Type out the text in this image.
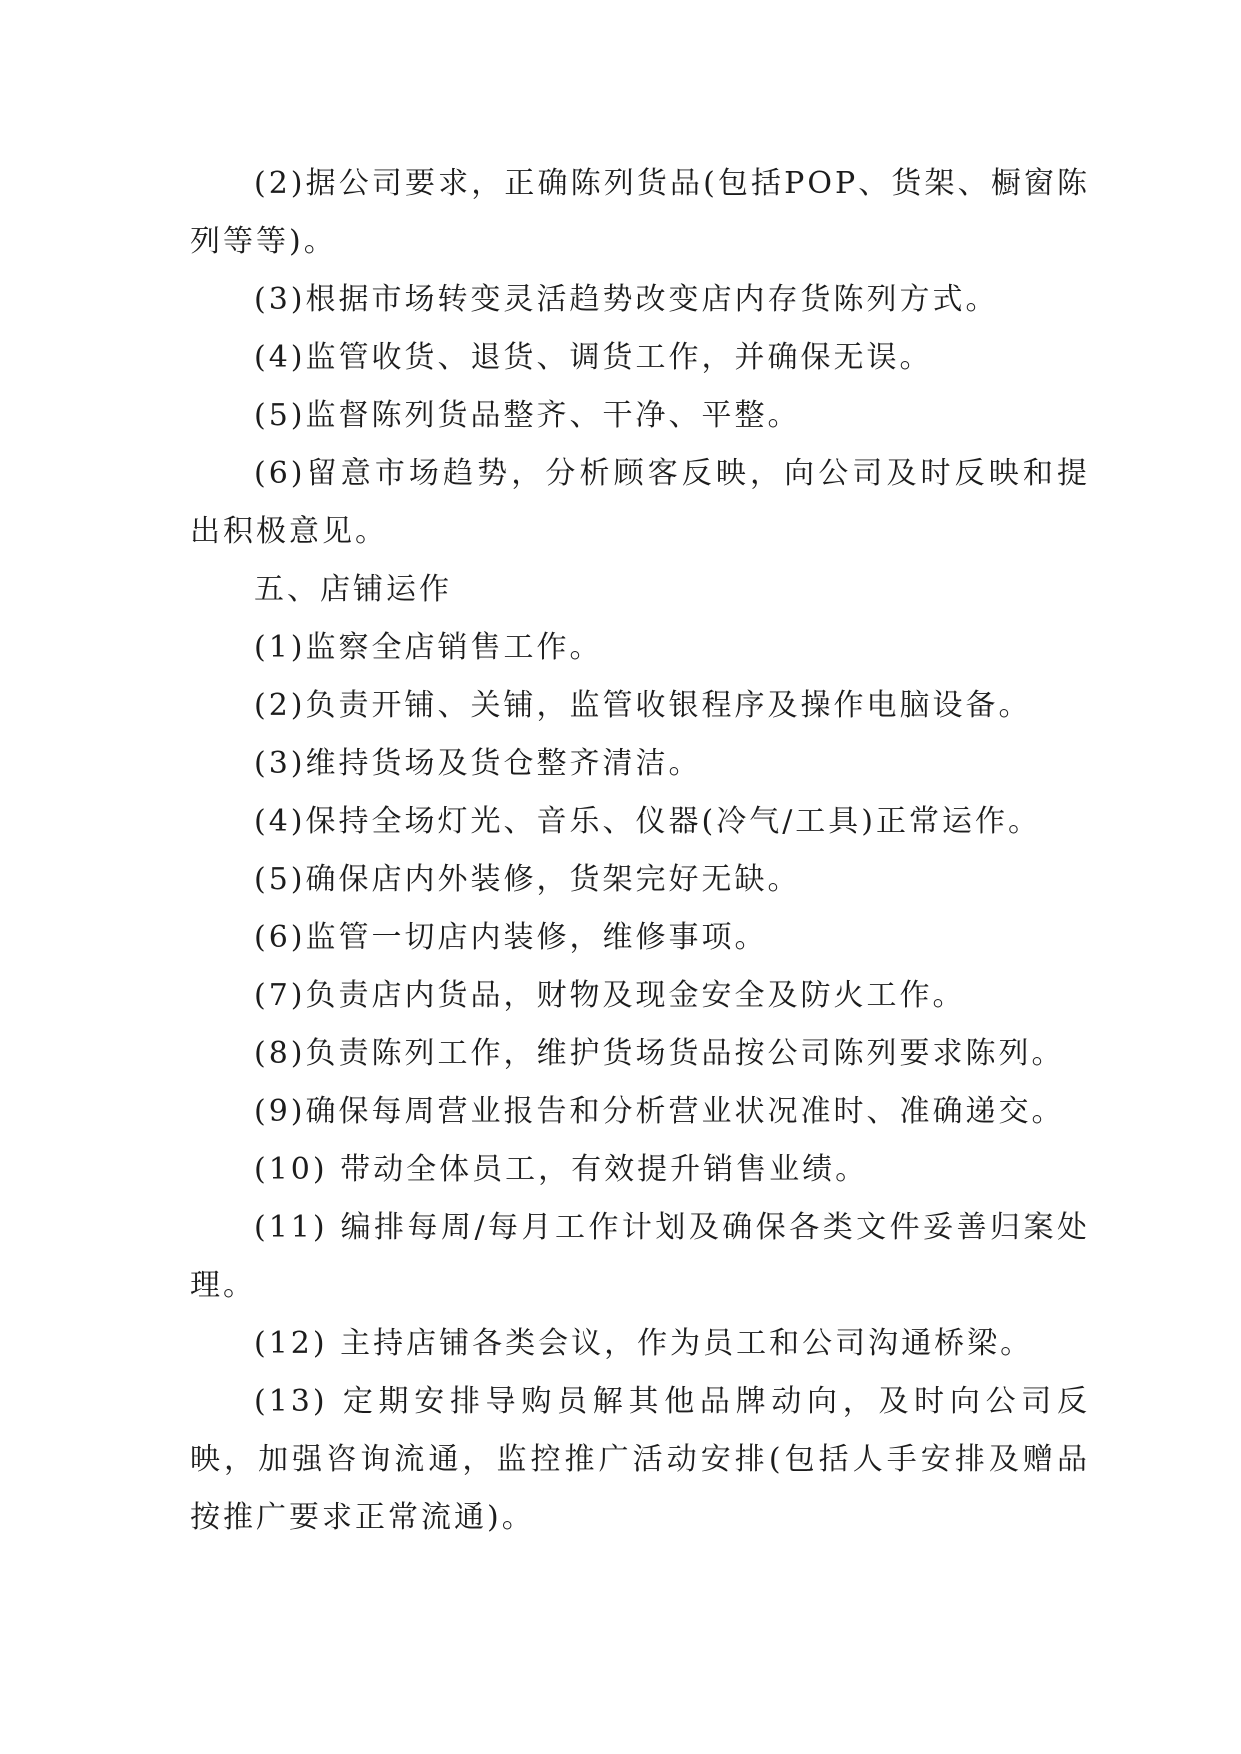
(2)据公司要求，正确陈列货品(包括POP、货架、橱窗陈列等等)。

(3)根据市场转变灵活趋势改变店内存货陈列方式。

(4)监管收货、退货、调货工作，并确保无误。

(5)监督陈列货品整齐、干净、平整。

(6)留意市场趋势，分析顾客反映，向公司及时反映和提出积极意见。

五、店铺运作

(1)监察全店销售工作。

(2)负责开铺、关铺，监管收银程序及操作电脑设备。

(3)维持货场及货仓整齐清洁。

(4)保持全场灯光、音乐、仪器(冷气/工具)正常运作。

(5)确保店内外装修，货架完好无缺。

(6)监管一切店内装修，维修事项。

(7)负责店内货品，财物及现金安全及防火工作。

(8)负责陈列工作，维护货场货品按公司陈列要求陈列。

(9)确保每周营业报告和分析营业状况准时、准确递交。

(10) 带动全体员工，有效提升销售业绩。

(11) 编排每周/每月工作计划及确保各类文件妥善归案处理。

(12) 主持店铺各类会议，作为员工和公司沟通桥梁。

(13) 定期安排导购员解其他品牌动向，及时向公司反映，加强咨询流通，监控推广活动安排(包括人手安排及赠品按推广要求正常流通)。
